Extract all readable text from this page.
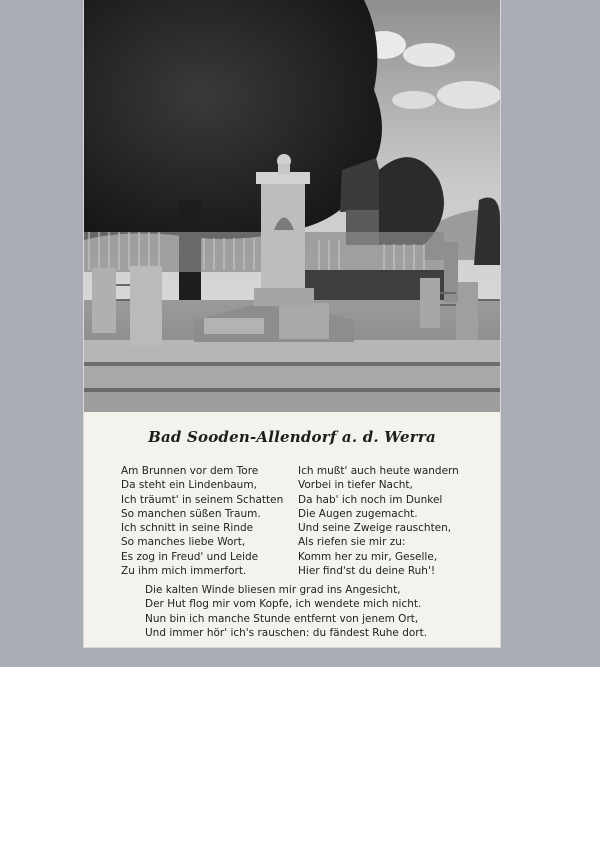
Bad Sooden-Allendorf a. d. Werra
Am Brunnen vor dem Tore
Da steht ein Lindenbaum,
Ich träumt' in seinem Schatten
So manchen süßen Traum.
Ich schnitt in seine Rinde
So manches liebe Wort,
Es zog in Freud' und Leide
Zu ihm mich immerfort.
Ich mußt' auch heute wandern
Vorbei in tiefer Nacht,
Da hab' ich noch im Dunkel
Die Augen zugemacht.
Und seine Zweige rauschten,
Als riefen sie mir zu:
Komm her zu mir, Geselle,
Hier find'st du deine Ruh'!
Die kalten Winde bliesen mir grad ins Angesicht,
Der Hut flog mir vom Kopfe, ich wendete mich nicht.
Nun bin ich manche Stunde entfernt von jenem Ort,
Und immer hör' ich's rauschen: du fändest Ruhe dort.
